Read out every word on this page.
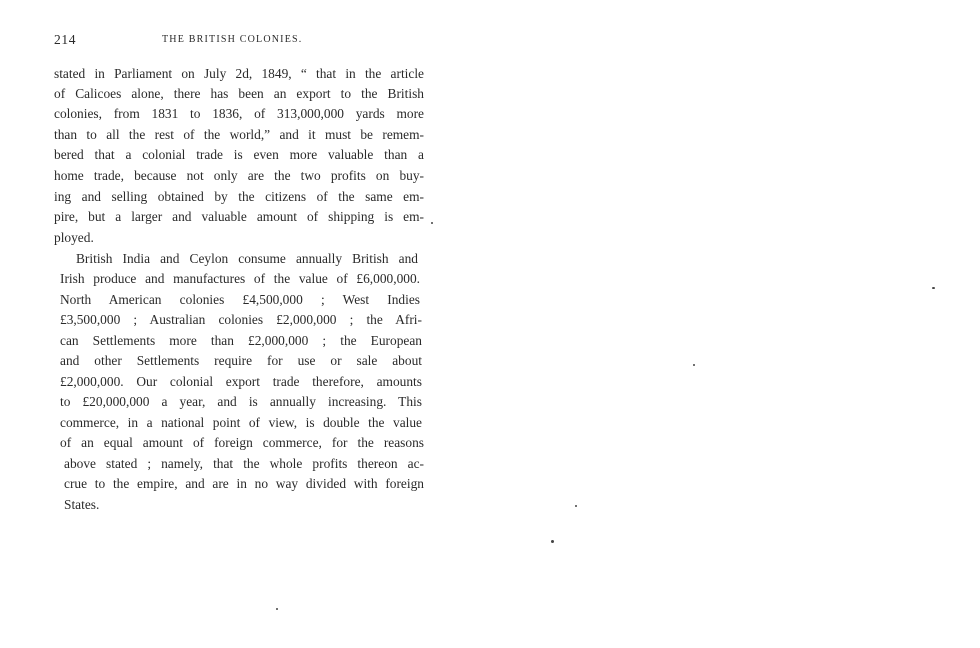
214	THE BRITISH COLONIES.
stated in Parliament on July 2d, 1849, “ that in the article
of Calicoes alone, there has been an export to the British
colonies, from 1831 to 1836, of 313,000,000 yards more
than to all the rest of the world,” and it must be remem-
bered that a colonial trade is even more valuable than a
home trade, because not only are the two profits on buy-
ing and selling obtained by the citizens of the same em-
pire, but a larger and valuable amount of shipping is em-
ployed.
British India and Ceylon consume annually British and
Irish produce and manufactures of the value of £6,000,000.
North American colonies £4,500,000 ; West Indies
£3,500,000 ; Australian colonies £2,000,000 ; the Afri-
can Settlements more than £2,000,000 ; the European
and other Settlements require for use or sale about
£2,000,000. Our colonial export trade therefore, amounts
to £20,000,000 a year, and is annually increasing. This
commerce, in a national point of view, is double the value
of an equal amount of foreign commerce, for the reasons
above stated ; namely, that the whole profits thereon ac-
crue to the empire, and are in no way divided with foreign
States.
